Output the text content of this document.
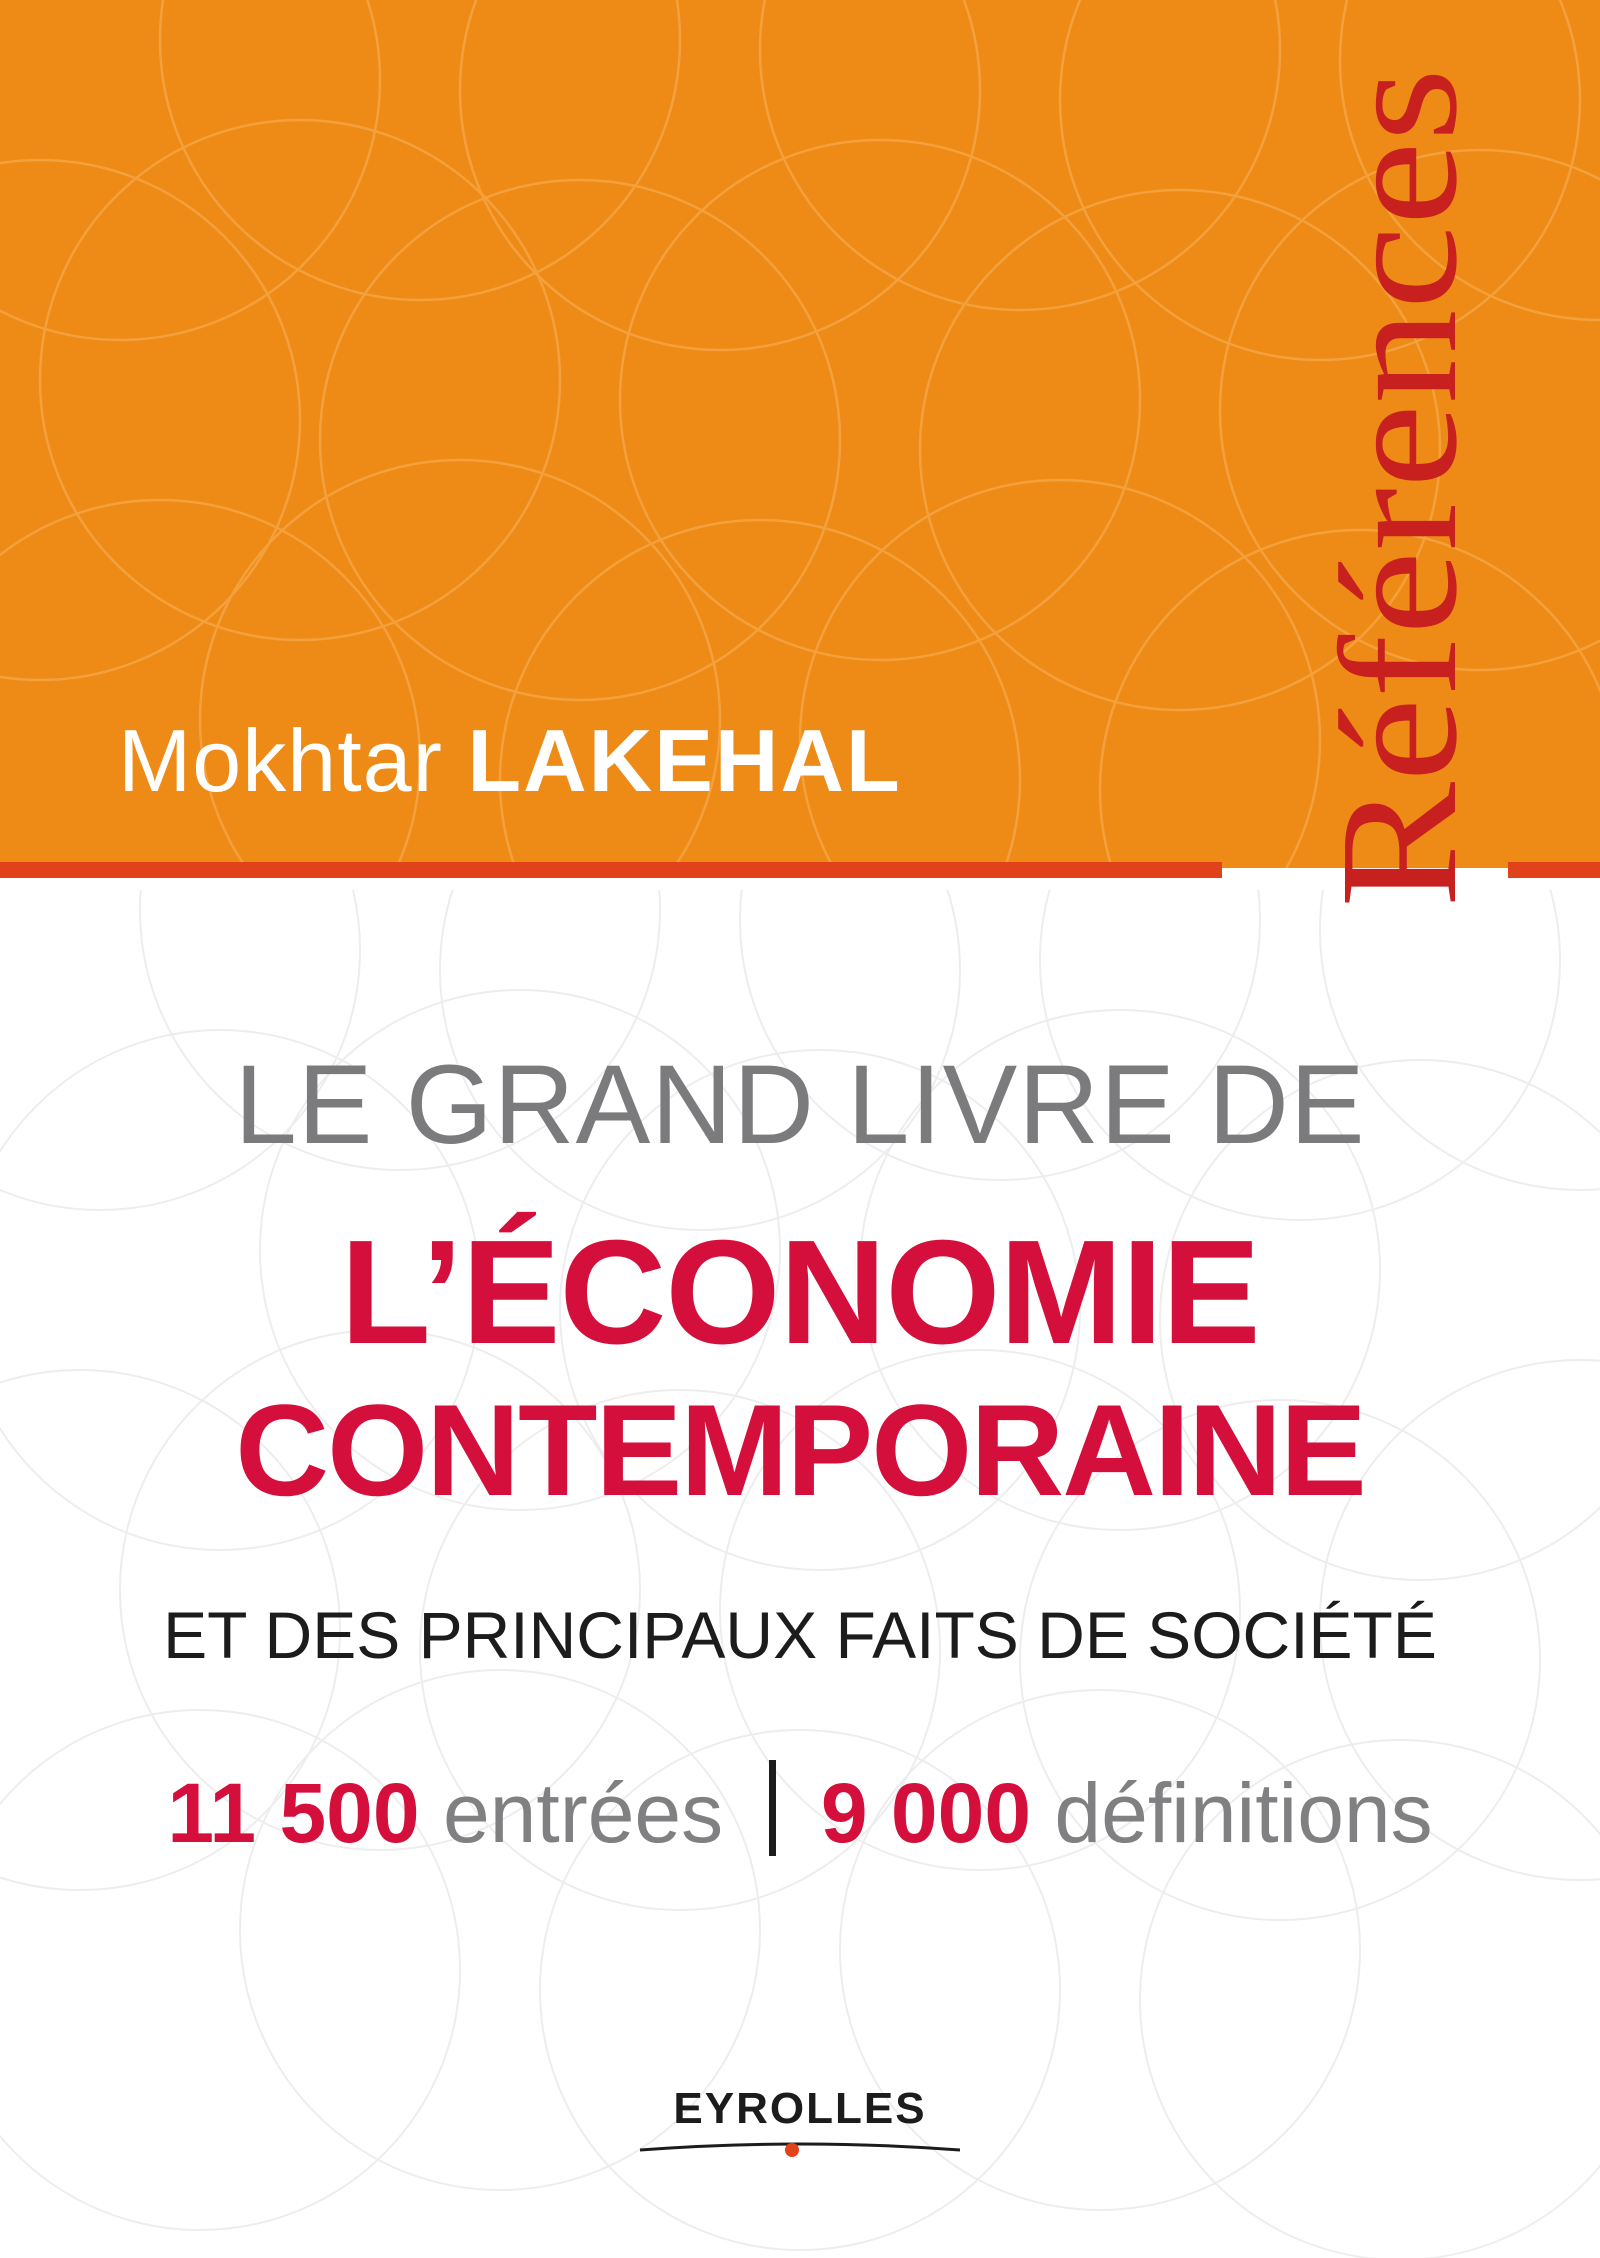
Mokhtar LAKEHAL Références
LE GRAND LIVRE DE
L’ÉCONOMIE
CONTEMPORAINE
ET DES PRINCIPAUX FAITS DE SOCIÉTÉ
11 500 entrées 9 000 définitions
EYROLLES
